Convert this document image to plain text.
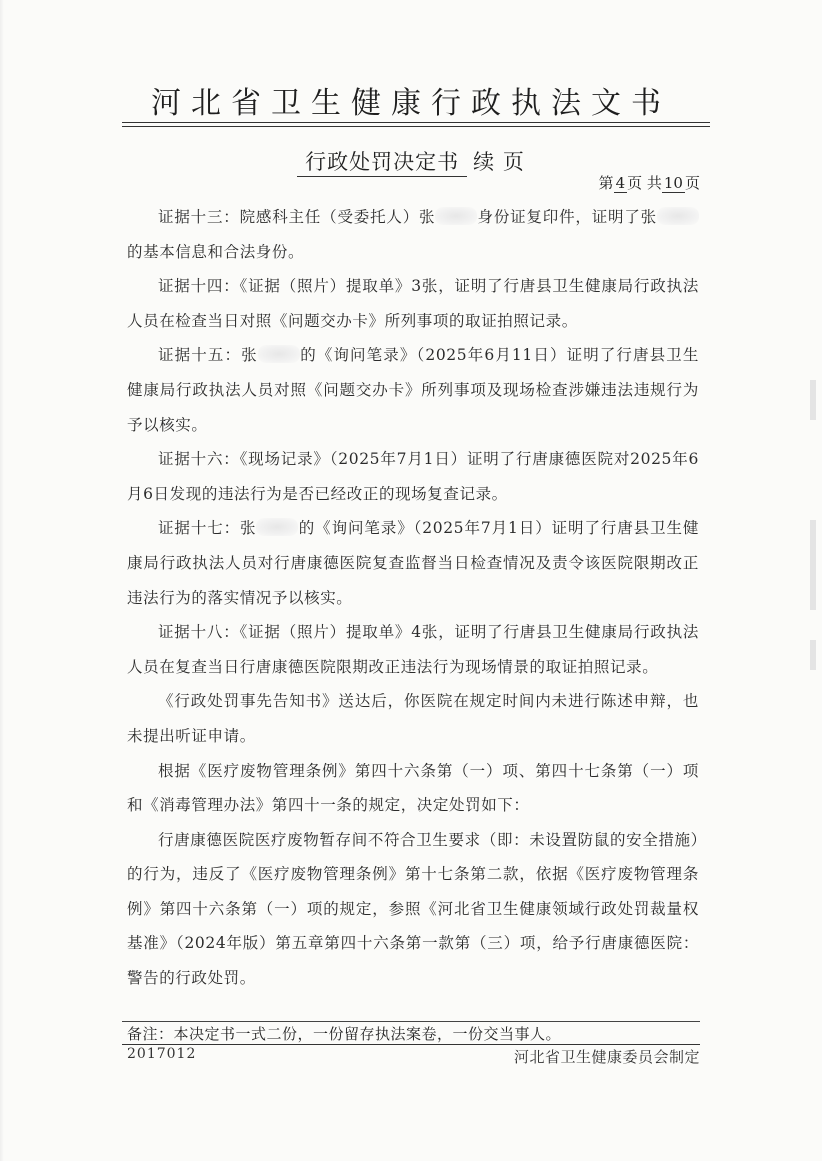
河北省卫生健康行政执法文书
行政处罚决定书 续 页
第 4 页 共 10 页

证据十三：院感科主任（受委托人）张	身份证复印件，证明了张的基本信息和合法身份。

证据十四：《证据（照片）提取单》3张，证明了行唐县卫生健康局行政执法人员在检查当日对照《问题交办卡》所列事项的取证拍照记录。

证据十五：张	的《询问笔录》（2025年6月11日）证明了行唐县卫生健康局行政执法人员对照《问题交办卡》所列事项及现场检查涉嫌违法违规行为予以核实。

证据十六：《现场记录》（2025年7月1日）证明了行唐康德医院对2025年6月6日发现的违法行为是否已经改正的现场复查记录。

证据十七：张	的《询问笔录》（2025年7月1日）证明了行唐县卫生健康局行政执法人员对行唐康德医院复查监督当日检查情况及责令该医院限期改正违法行为的落实情况予以核实。

证据十八：《证据（照片）提取单》4张，证明了行唐县卫生健康局行政执法人员在复查当日行唐康德医院限期改正违法行为现场情景的取证拍照记录。

《行政处罚事先告知书》送达后，你医院在规定时间内未进行陈述申辩，也未提出听证申请。

根据《医疗废物管理条例》第四十六条第（一）项、第四十七条第（一）项和《消毒管理办法》第四十一条的规定，决定处罚如下：

行唐康德医院医疗废物暂存间不符合卫生要求（即：未设置防鼠的安全措施）的行为，违反了《医疗废物管理条例》第十七条第二款，依据《医疗废物管理条例》第四十六条第（一）项的规定，参照《河北省卫生健康领域行政处罚裁量权基准》（2024年版）第五章第四十六条第一款第（三）项，给予行唐康德医院：警告的行政处罚。

备注：本决定书一式二份，一份留存执法案卷，一份交当事人。
2017012	河北省卫生健康委员会制定
